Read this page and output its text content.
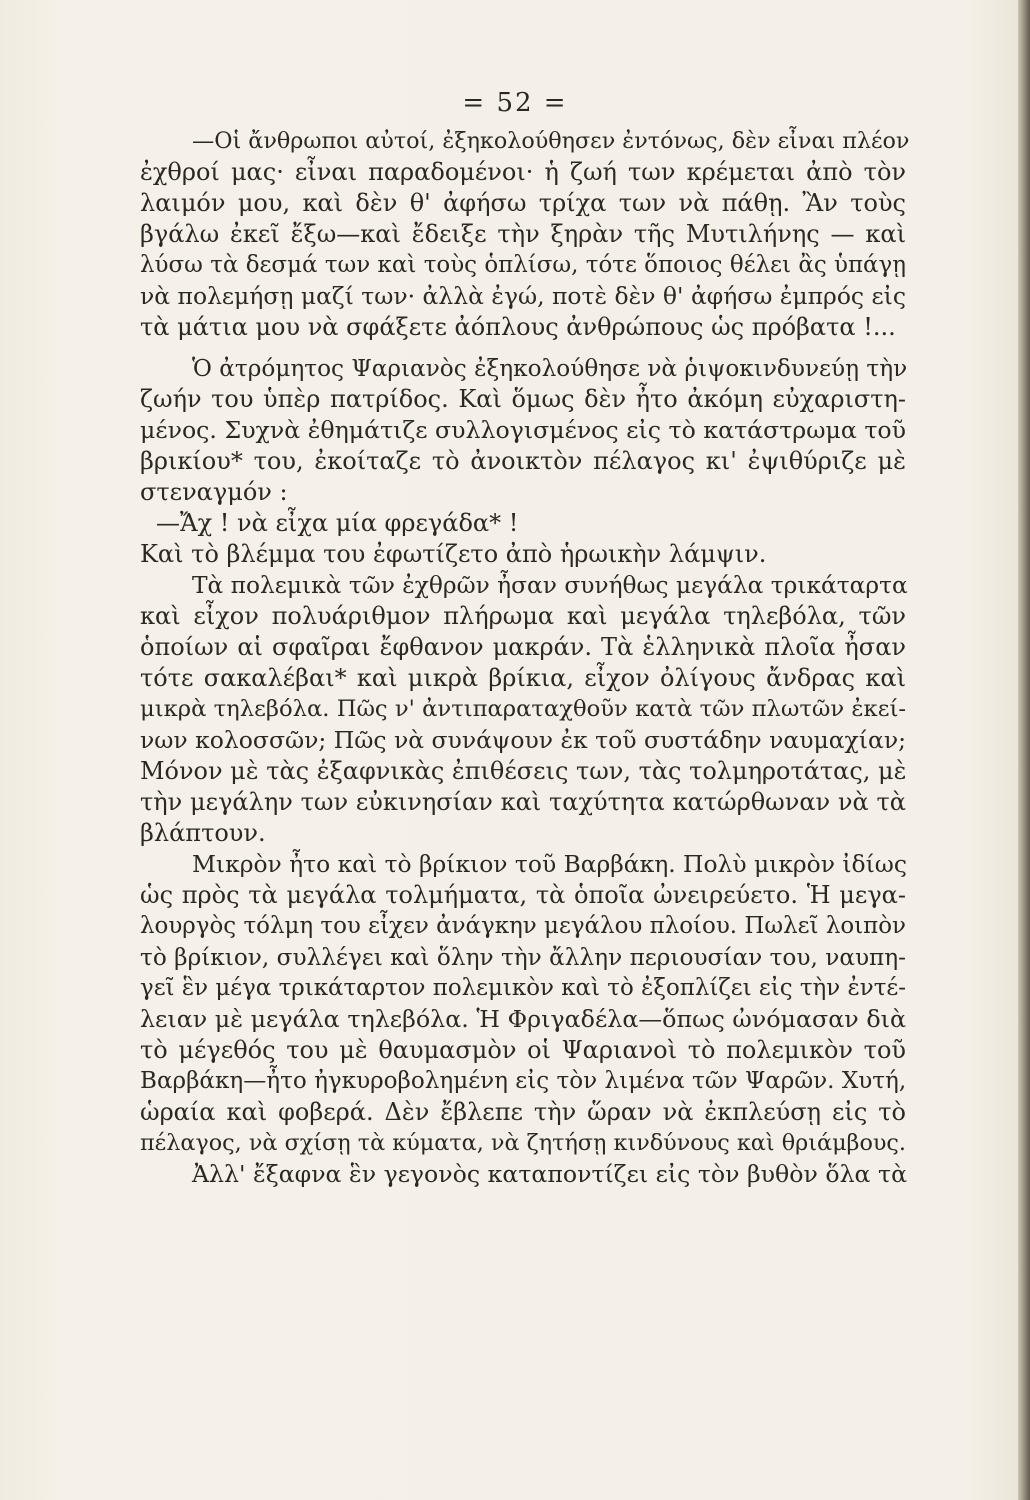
= 52 =
—Οἱ ἄνθρωποι αὐτοί, ἐξηκολούθησεν ἐντόνως, δὲν εἶναι πλέον
ἐχθροί μας· εἶναι παραδομένοι· ἡ ζωή των κρέμεται ἀπὸ τὸν
λαιμόν μου, καὶ δὲν θ' ἀφήσω τρίχα των νὰ πάθῃ. Ἂν τοὺς
βγάλω ἐκεῖ ἔξω—καὶ ἔδειξε τὴν ξηρὰν τῆς Μυτιλήνης — καὶ
λύσω τὰ δεσμά των καὶ τοὺς ὁπλίσω, τότε ὅποιος θέλει ἂς ὑπάγῃ
νὰ πολεμήσῃ μαζί των· ἀλλὰ ἐγώ, ποτὲ δὲν θ' ἀφήσω ἐμπρός εἰς
τὰ μάτια μου νὰ σφάξετε ἀόπλους ἀνθρώπους ὡς πρόβατα !...
Ὁ ἀτρόμητος Ψαριανὸς ἐξηκολούθησε νὰ ῥιψοκινδυνεύῃ τὴν
ζωήν του ὑπὲρ πατρίδος. Καὶ ὅμως δὲν ἦτο ἀκόμη εὐχαριστη-
μένος. Συχνὰ ἐθημάτιζε συλλογισμένος εἰς τὸ κατάστρωμα τοῦ
βρικίου* του, ἐκοίταζε τὸ ἀνοικτὸν πέλαγος κι' ἐψιθύριζε μὲ
στεναγμόν :
—Ἄχ ! νὰ εἶχα μία φρεγάδα* !
Καὶ τὸ βλέμμα του ἐφωτίζετο ἀπὸ ἡρωικὴν λάμψιν.
Τὰ πολεμικὰ τῶν ἐχθρῶν ἦσαν συνήθως μεγάλα τρικάταρτα
καὶ εἶχον πολυάριθμον πλήρωμα καὶ μεγάλα τηλεβόλα, τῶν
ὁποίων αἱ σφαῖραι ἔφθανον μακράν. Τὰ ἑλληνικὰ πλοῖα ἦσαν
τότε σακαλέβαι* καὶ μικρὰ βρίκια, εἶχον ὀλίγους ἄνδρας καὶ
μικρὰ τηλεβόλα. Πῶς ν' ἀντιπαραταχθοῦν κατὰ τῶν πλωτῶν ἐκεί-
νων κολοσσῶν; Πῶς νὰ συνάψουν ἐκ τοῦ συστάδην ναυμαχίαν;
Μόνον μὲ τὰς ἐξαφνικὰς ἐπιθέσεις των, τὰς τολμηροτάτας, μὲ
τὴν μεγάλην των εὐκινησίαν καὶ ταχύτητα κατώρθωναν νὰ τὰ
βλάπτουν.
Μικρὸν ἦτο καὶ τὸ βρίκιον τοῦ Βαρβάκη. Πολὺ μικρὸν ἰδίως
ὡς πρὸς τὰ μεγάλα τολμήματα, τὰ ὁποῖα ὠνειρεύετο. Ἡ μεγα-
λουργὸς τόλμη του εἶχεν ἀνάγκην μεγάλου πλοίου. Πωλεῖ λοιπὸν
τὸ βρίκιον, συλλέγει καὶ ὅλην τὴν ἄλλην περιουσίαν του, ναυπη-
γεῖ ἓν μέγα τρικάταρτον πολεμικὸν καὶ τὸ ἐξοπλίζει εἰς τὴν ἐντέ-
λειαν μὲ μεγάλα τηλεβόλα. Ἡ Φριγαδέλα—ὅπως ὠνόμασαν διὰ
τὸ μέγεθός του μὲ θαυμασμὸν οἱ Ψαριανοὶ τὸ πολεμικὸν τοῦ
Βαρβάκη—ἦτο ἠγκυροβολημένη εἰς τὸν λιμένα τῶν Ψαρῶν. Χυτή,
ὡραία καὶ φοβερά. Δὲν ἔβλεπε τὴν ὥραν νὰ ἐκπλεύσῃ εἰς τὸ
πέλαγος, νὰ σχίσῃ τὰ κύματα, νὰ ζητήσῃ κινδύνους καὶ θριάμβους.
Ἀλλ' ἔξαφνα ἓν γεγονὸς καταποντίζει εἰς τὸν βυθὸν ὅλα τὰ
